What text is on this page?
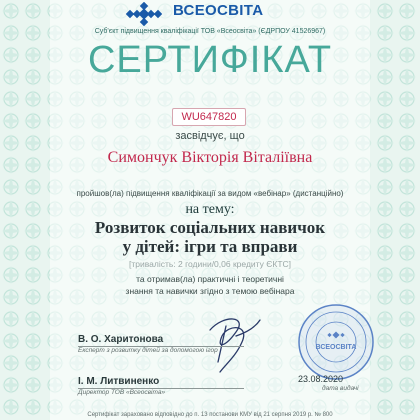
ВСЕОСВІТА
Суб'єкт підвищення кваліфікації ТОВ «Всеосвіта» (ЄДРПОУ 41526967)
СЕРТИФІКАТ
WU647820
засвідчує, що
Симончук Вікторія Віталіївна
пройшов(ла) підвищення кваліфікації за видом «вебінар» (дистанційно)
на тему:
Розвиток соціальних навичок
у дітей: ігри та вправи
[тривалість: 2 години/0,06 кредиту ЄКТС]
та отримав(ла) практичні і теоретичні
знання та навички згідно з темою вебінара
ВСЕОСВІТА
В. О. Харитонова
Експерт з розвитку дітей за допомогою ігор
І. М. Литвиненко
Директор ТОВ «Всеосвіта»
23.08.2020
дата видачі
Сертифікат зараховано відповідно до п. 13 постанови КМУ від 21 серпня 2019 р. № 800
